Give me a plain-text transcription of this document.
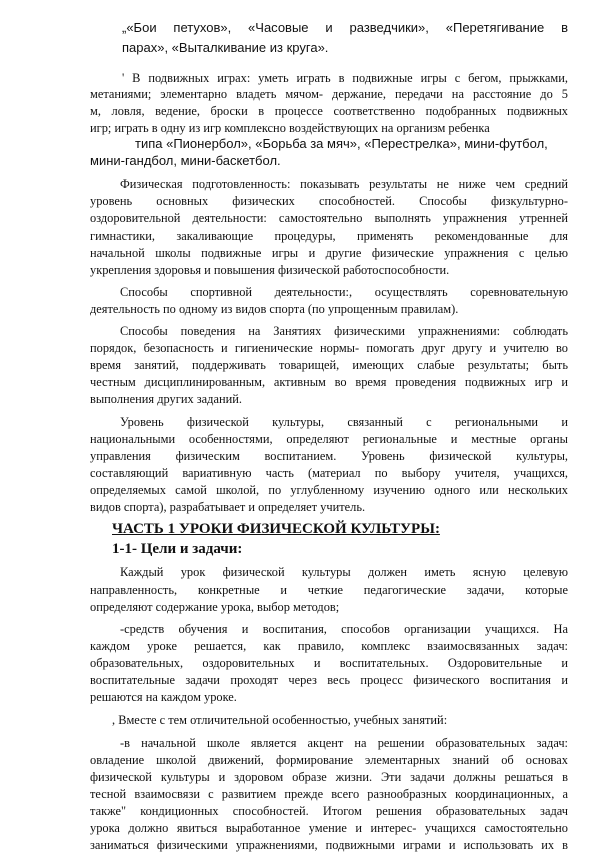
„«Бои петухов», «Часовые и разведчики», «Перетягивание в
парах», «Выталкивание из круга».
' В подвижных играх: уметь играть в подвижные игры с бегом, прыжками,
метаниями; элементарно владеть мячом- держание, передачи на расстояние до 5
м, ловля, ведение, броски в процессе соответственно подобранных подвижных
игр; играть в одну из игр комплексно воздействующих на организм ребенка
типа «Пионербол», «Борьба за мяч», «Перестрелка», мини-футбол,
мини-гандбол, мини-баскетбол.
Физическая подготовленность: показывать результаты не ниже чем средний
уровень основных физических способностей. Способы физкультурно-
оздоровительной деятельности: самостоятельно выполнять упражнения утренней
гимнастики, закаливающие процедуры, применять рекомендованные для
начальной школы подвижные игры и другие физические упражнения с целью
укрепления здоровья и повышения физической работоспособности.
Способы спортивной деятельности:, осуществлять соревновательную
деятельность по одному из видов спорта (по упрощенным правилам).
Способы поведения на Занятиях физическими упражнениями: соблюдать
порядок, безопасность и гигиенические нормы- помогать друг другу и учителю во
время занятий, поддерживать товарищей, имеющих слабые результаты; быть
честным дисциплинированным, активным во время проведения подвижных игр и
выполнения других заданий.
Уровень физической культуры, связанный с региональными и
национальными особенностями, определяют региональные и местные органы
управления физическим воспитанием. Уровень физической культуры,
составляющий вариативную часть (материал по выбору учителя, учащихся,
определяемых самой школой, по углубленному изучению одного или нескольких
видов спорта), разрабатывает и определяет учитель.
ЧАСТЬ 1 УРОКИ ФИЗИЧЕСКОЙ КУЛЬТУРЫ:
1-1- Цели и задачи:
Каждый урок физической культуры должен иметь ясную целевую
направленность, конкретные и четкие педагогические задачи, которые
определяют содержание урока, выбор методов;
-средств обучения и воспитания, способов организации учащихся. На
каждом уроке решается, как правило, комплекс взаимосвязанных задач:
образовательных, оздоровительных и воспитательных. Оздоровительные и
воспитательные задачи проходят через весь процесс физического воспитания и
решаются на каждом уроке.
, Вместе с тем отличительной особенностью, учебных занятий:
-в начальной школе является акцент на решении образовательных задач:
овладение школой движений, формирование элементарных знаний об основах
физической культуры и здоровом образе жизни. Эти задачи должны решаться в
тесной взаимосвязи с развитием прежде всего разнообразных координационных, а
также" кондиционных способностей. Итогом решения образовательных задач
урока должно явиться выработанное умение и интерес- учащихся самостоятельно
заниматься физическими упражнениями, подвижными играми и использовать их в
